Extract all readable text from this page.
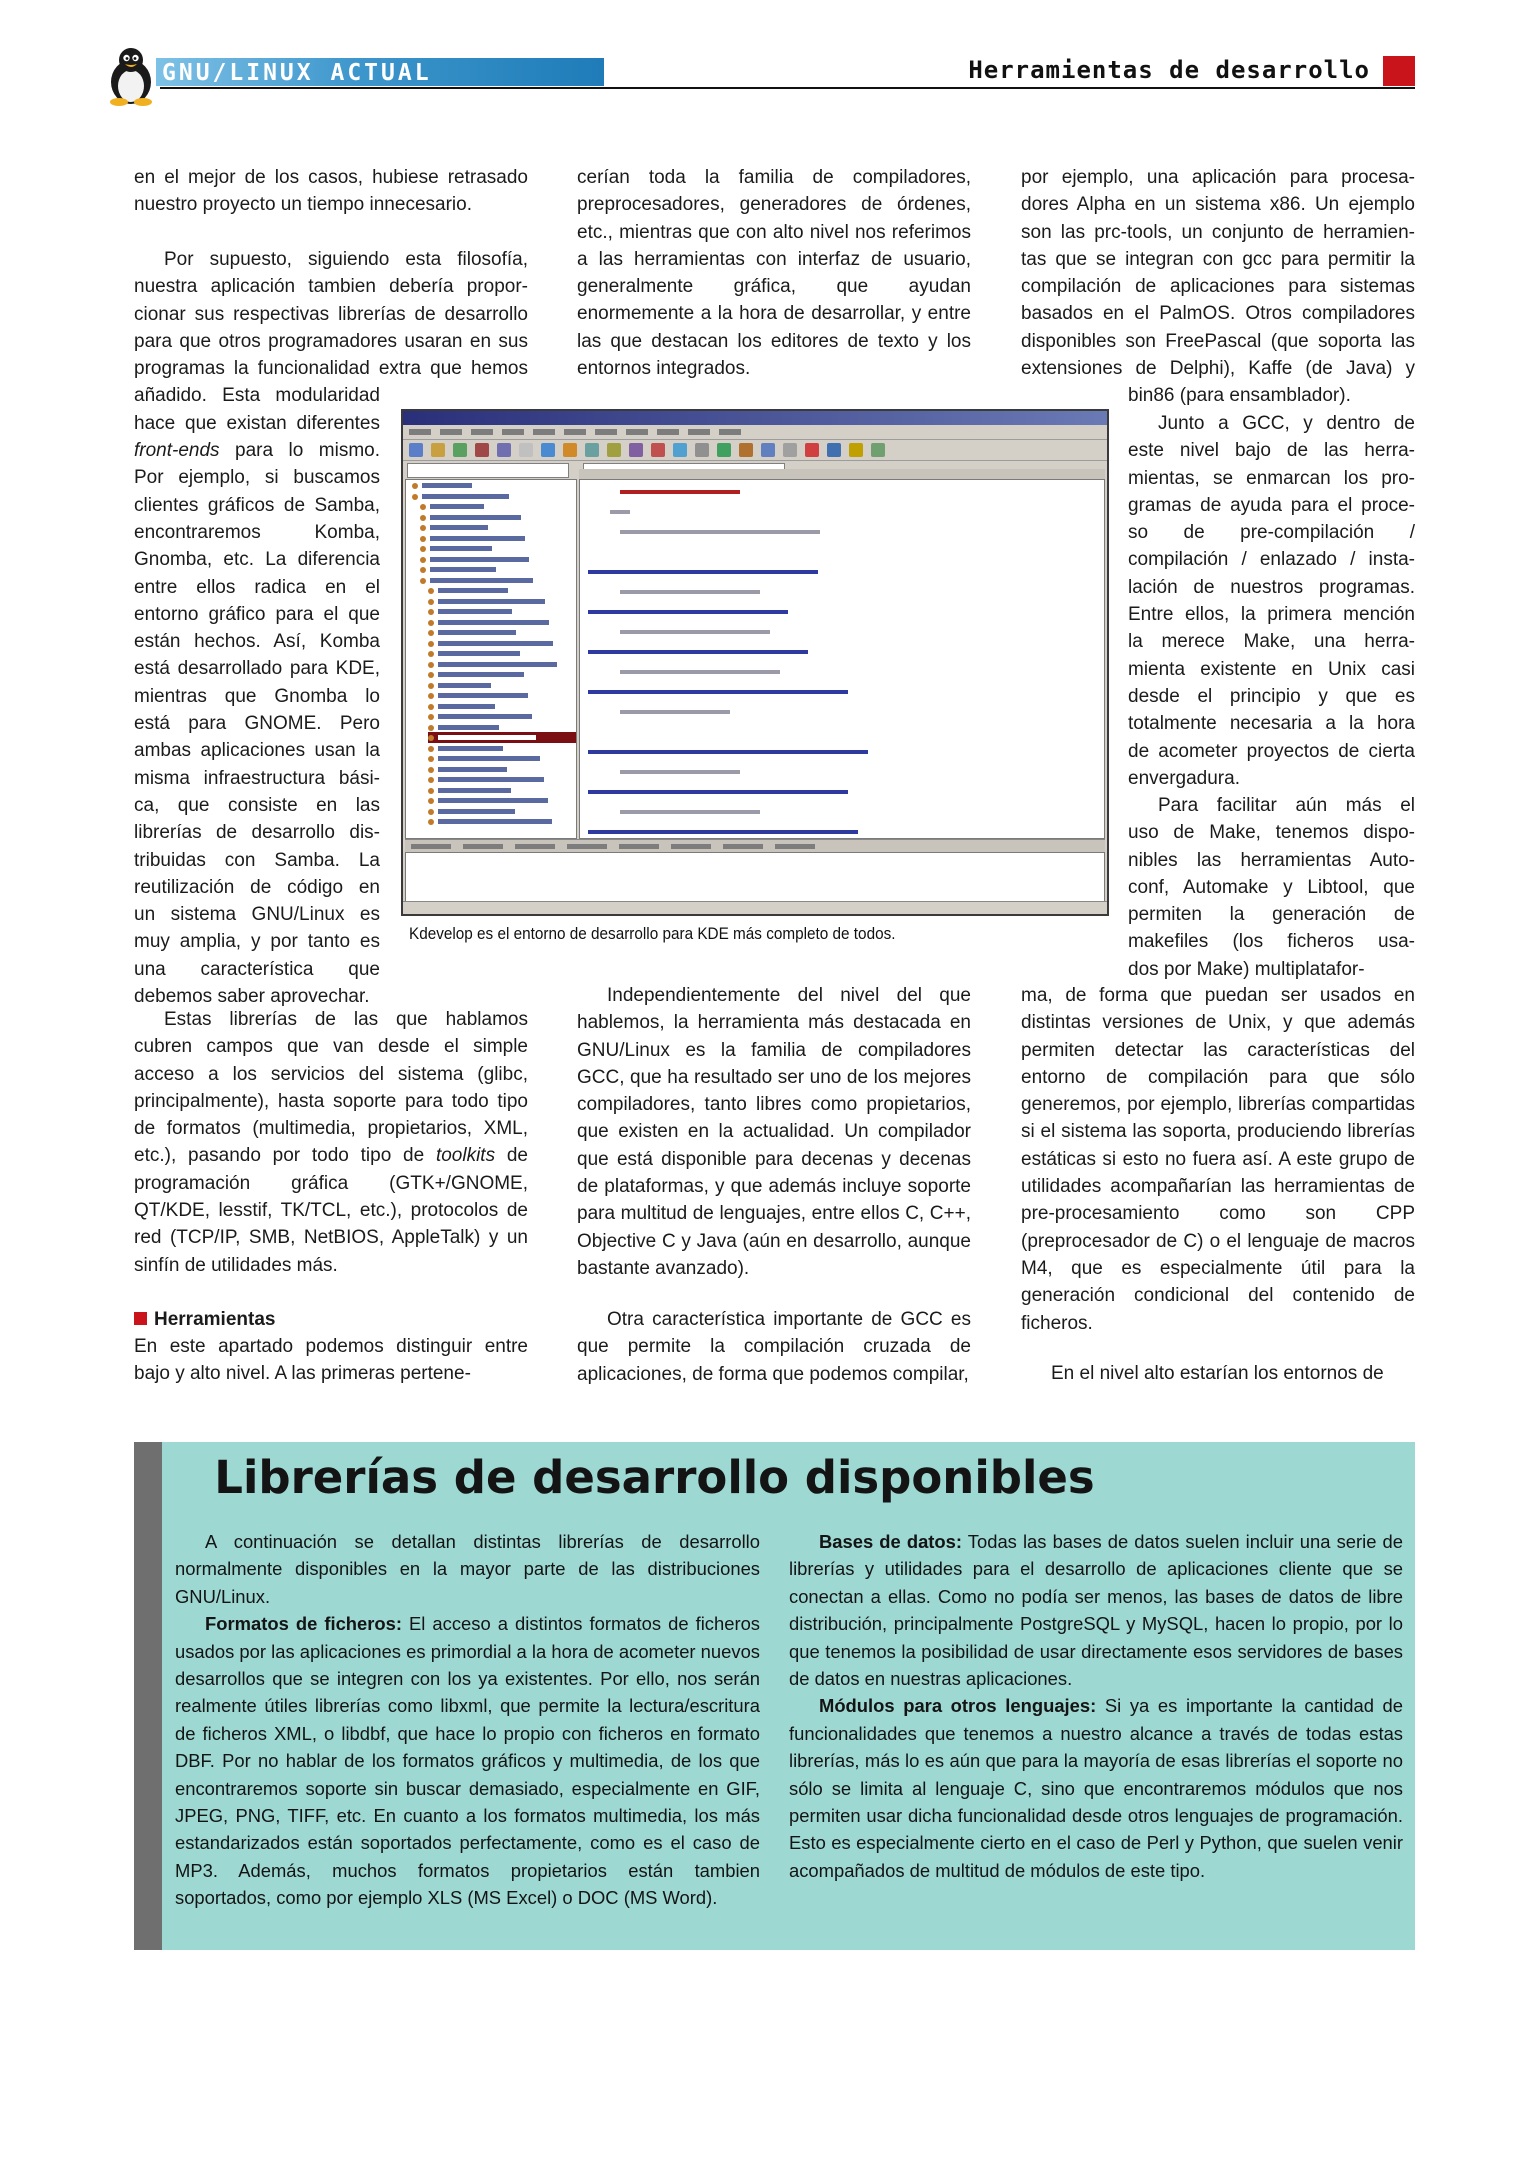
GNU/LINUX ACTUAL	Herramientas de desarrollo

en el mejor de los casos, hubiese retrasado nuestro proyecto un tiempo innecesario.

Por supuesto, siguiendo esta filosofía,
nuestra aplicación tambien debería propor-
cionar sus respectivas librerías de desarrollo
para que otros programadores usaran en sus
programas la funcionalidad extra que hemos
añadido. Esta modularidad
hace que existan diferentes
front-ends para lo mismo.
Por ejemplo, si buscamos
clientes gráficos de Samba,
encontraremos Komba,
Gnomba, etc. La diferencia
entre ellos radica en el
entorno gráfico para el que
están hechos. Así, Komba
está desarrollado para KDE,
mientras que Gnomba lo
está para GNOME. Pero
ambas aplicaciones usan la
misma infraestructura bási-
ca, que consiste en las
librerías de desarrollo dis-
tribuidas con Samba. La
reutilización de código en
un sistema GNU/Linux es
muy amplia, y por tanto es
una característica que
debemos saber aprovechar.

Estas librerías de las que hablamos cubren campos que van desde el simple acceso a los servicios del sistema (glibc, principalmente), hasta soporte para todo tipo de formatos (multimedia, propietarios, XML, etc.), pasando por todo tipo de toolkits de programación gráfica (GTK+/GNOME, QT/KDE, lesstif, TK/TCL, etc.), protocolos de red (TCP/IP, SMB, NetBIOS, AppleTalk) y un sinfín de utilidades más.

Herramientas

En este apartado podemos distinguir entre bajo y alto nivel. A las primeras pertene-

cerían toda la familia de compiladores, preprocesadores, generadores de órdenes, etc., mientras que con alto nivel nos referimos a las herramientas con interfaz de usuario, generalmente gráfica, que ayudan enormemente a la hora de desarrollar, y entre las que destacan los editores de texto y los entornos integrados.

Independientemente del nivel del que hablemos, la herramienta más destacada en GNU/Linux es la familia de compiladores GCC, que ha resultado ser uno de los mejores compiladores, tanto libres como propietarios, que existen en la actualidad. Un compilador que está disponible para decenas y decenas de plataformas, y que además incluye soporte para multitud de lenguajes, entre ellos C, C++, Objective C y Java (aún en desarrollo, aunque bastante avanzado).

Otra característica importante de GCC es que permite la compilación cruzada de aplicaciones, de forma que podemos compilar,

por ejemplo, una aplicación para procesa-
dores Alpha en un sistema x86. Un ejemplo
son las prc-tools, un conjunto de herramien-
tas que se integran con gcc para permitir la
compilación de aplicaciones para sistemas
basados en el PalmOS. Otros compiladores
disponibles son FreePascal (que soporta las
extensiones de Delphi), Kaffe (de Java) y
bin86 (para ensamblador).
Junto a GCC, y dentro de
este nivel bajo de las herra-
mientas, se enmarcan los pro-
gramas de ayuda para el proce-
so de pre-compilación /
compilación / enlazado / insta-
lación de nuestros programas.
Entre ellos, la primera mención
la merece Make, una herra-
mienta existente en Unix casi
desde el principio y que es
totalmente necesaria a la hora
de acometer proyectos de cierta
envergadura.
Para facilitar aún más el
uso de Make, tenemos dispo-
nibles las herramientas Auto-
conf, Automake y Libtool, que
permiten la generación de
makefiles (los ficheros usa-
dos por Make) multiplatafor-

ma, de forma que puedan ser usados en distintas versiones de Unix, y que además permiten detectar las características del entorno de compilación para que sólo generemos, por ejemplo, librerías compartidas si el sistema las soporta, produciendo librerías estáticas si esto no fuera así. A este grupo de utilidades acompañarían las herramientas de pre-procesamiento como son CPP (preprocesador de C) o el lenguaje de macros M4, que es especialmente útil para la generación condicional del contenido de ficheros.

En el nivel alto estarían los entornos de

Kdevelop es el entorno de desarrollo para KDE más completo de todos.

Librerías de desarrollo disponibles
A continuación se detallan distintas librerías de desarrollo normalmente disponibles en la mayor parte de las distribuciones GNU/Linux.
Formatos de ficheros: El acceso a distintos formatos de ficheros usados por las aplicaciones es primordial a la hora de acometer nuevos desarrollos que se integren con los ya existentes. Por ello, nos serán realmente útiles librerías como libxml, que permite la lectura/escritura de ficheros XML, o libdbf, que hace lo propio con ficheros en formato DBF. Por no hablar de los formatos gráficos y multimedia, de los que encontraremos soporte sin buscar demasiado, especialmente en GIF, JPEG, PNG, TIFF, etc. En cuanto a los formatos multimedia, los más estandarizados están soportados perfectamente, como es el caso de MP3. Además, muchos formatos propietarios están tambien soportados, como por ejemplo XLS (MS Excel) o DOC (MS Word).
Bases de datos: Todas las bases de datos suelen incluir una serie de librerías y utilidades para el desarrollo de aplicaciones cliente que se conectan a ellas. Como no podía ser menos, las bases de datos de libre distribución, principalmente PostgreSQL y MySQL, hacen lo propio, por lo que tenemos la posibilidad de usar directamente esos servidores de bases de datos en nuestras aplicaciones.
Módulos para otros lenguajes: Si ya es importante la cantidad de funcionalidades que tenemos a nuestro alcance a través de todas estas librerías, más lo es aún que para la mayoría de esas librerías el soporte no sólo se limita al lenguaje C, sino que encontraremos módulos que nos permiten usar dicha funcionalidad desde otros lenguajes de programación. Esto es especialmente cierto en el caso de Perl y Python, que suelen venir acompañados de multitud de módulos de este tipo.
